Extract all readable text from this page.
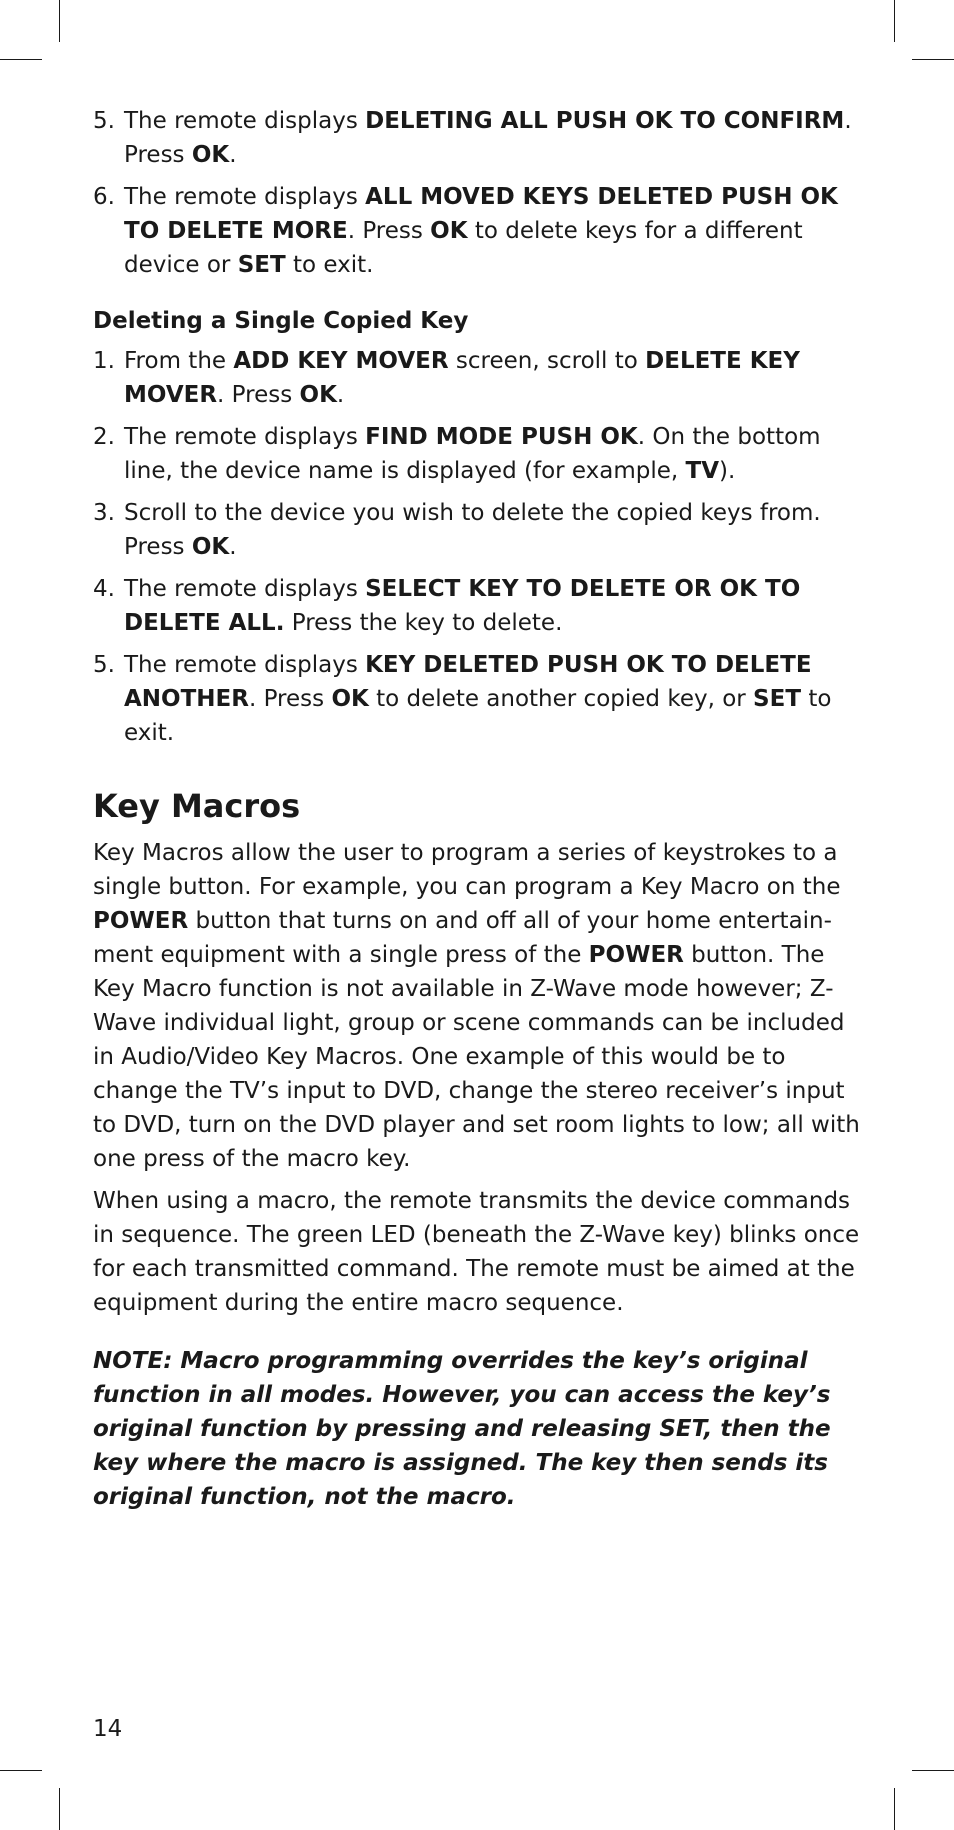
5. The remote displays DELETING ALL PUSH OK TO CONFIRM. Press OK.
6. The remote displays ALL MOVED KEYS DELETED PUSH OK TO DELETE MORE. Press OK to delete keys for a different device or SET to exit.
Deleting a Single Copied Key
1. From the ADD KEY MOVER screen, scroll to DELETE KEY MOVER. Press OK.
2. The remote displays FIND MODE PUSH OK. On the bottom line, the device name is displayed (for example, TV).
3. Scroll to the device you wish to delete the copied keys from. Press OK.
4. The remote displays SELECT KEY TO DELETE OR OK TO DELETE ALL. Press the key to delete.
5. The remote displays KEY DELETED PUSH OK TO DELETE ANOTHER. Press OK to delete another copied key, or SET to exit.
Key Macros

Key Macros allow the user to program a series of keystrokes to a single button. For example, you can program a Key Macro on the POWER button that turns on and off all of your home entertain-ment equipment with a single press of the POWER button. The Key Macro function is not available in Z-Wave mode however; Z-Wave individual light, group or scene commands can be included in Audio/Video Key Macros. One example of this would be to change the TV’s input to DVD, change the stereo receiver’s input to DVD, turn on the DVD player and set room lights to low; all with one press of the macro key.

When using a macro, the remote transmits the device commands in sequence. The green LED (beneath the Z-Wave key) blinks once for each transmitted command. The remote must be aimed at the equipment during the entire macro sequence.

NOTE: Macro programming overrides the key’s original function in all modes. However, you can access the key’s original function by pressing and releasing SET, then the key where the macro is assigned. The key then sends its original function, not the macro.

14
